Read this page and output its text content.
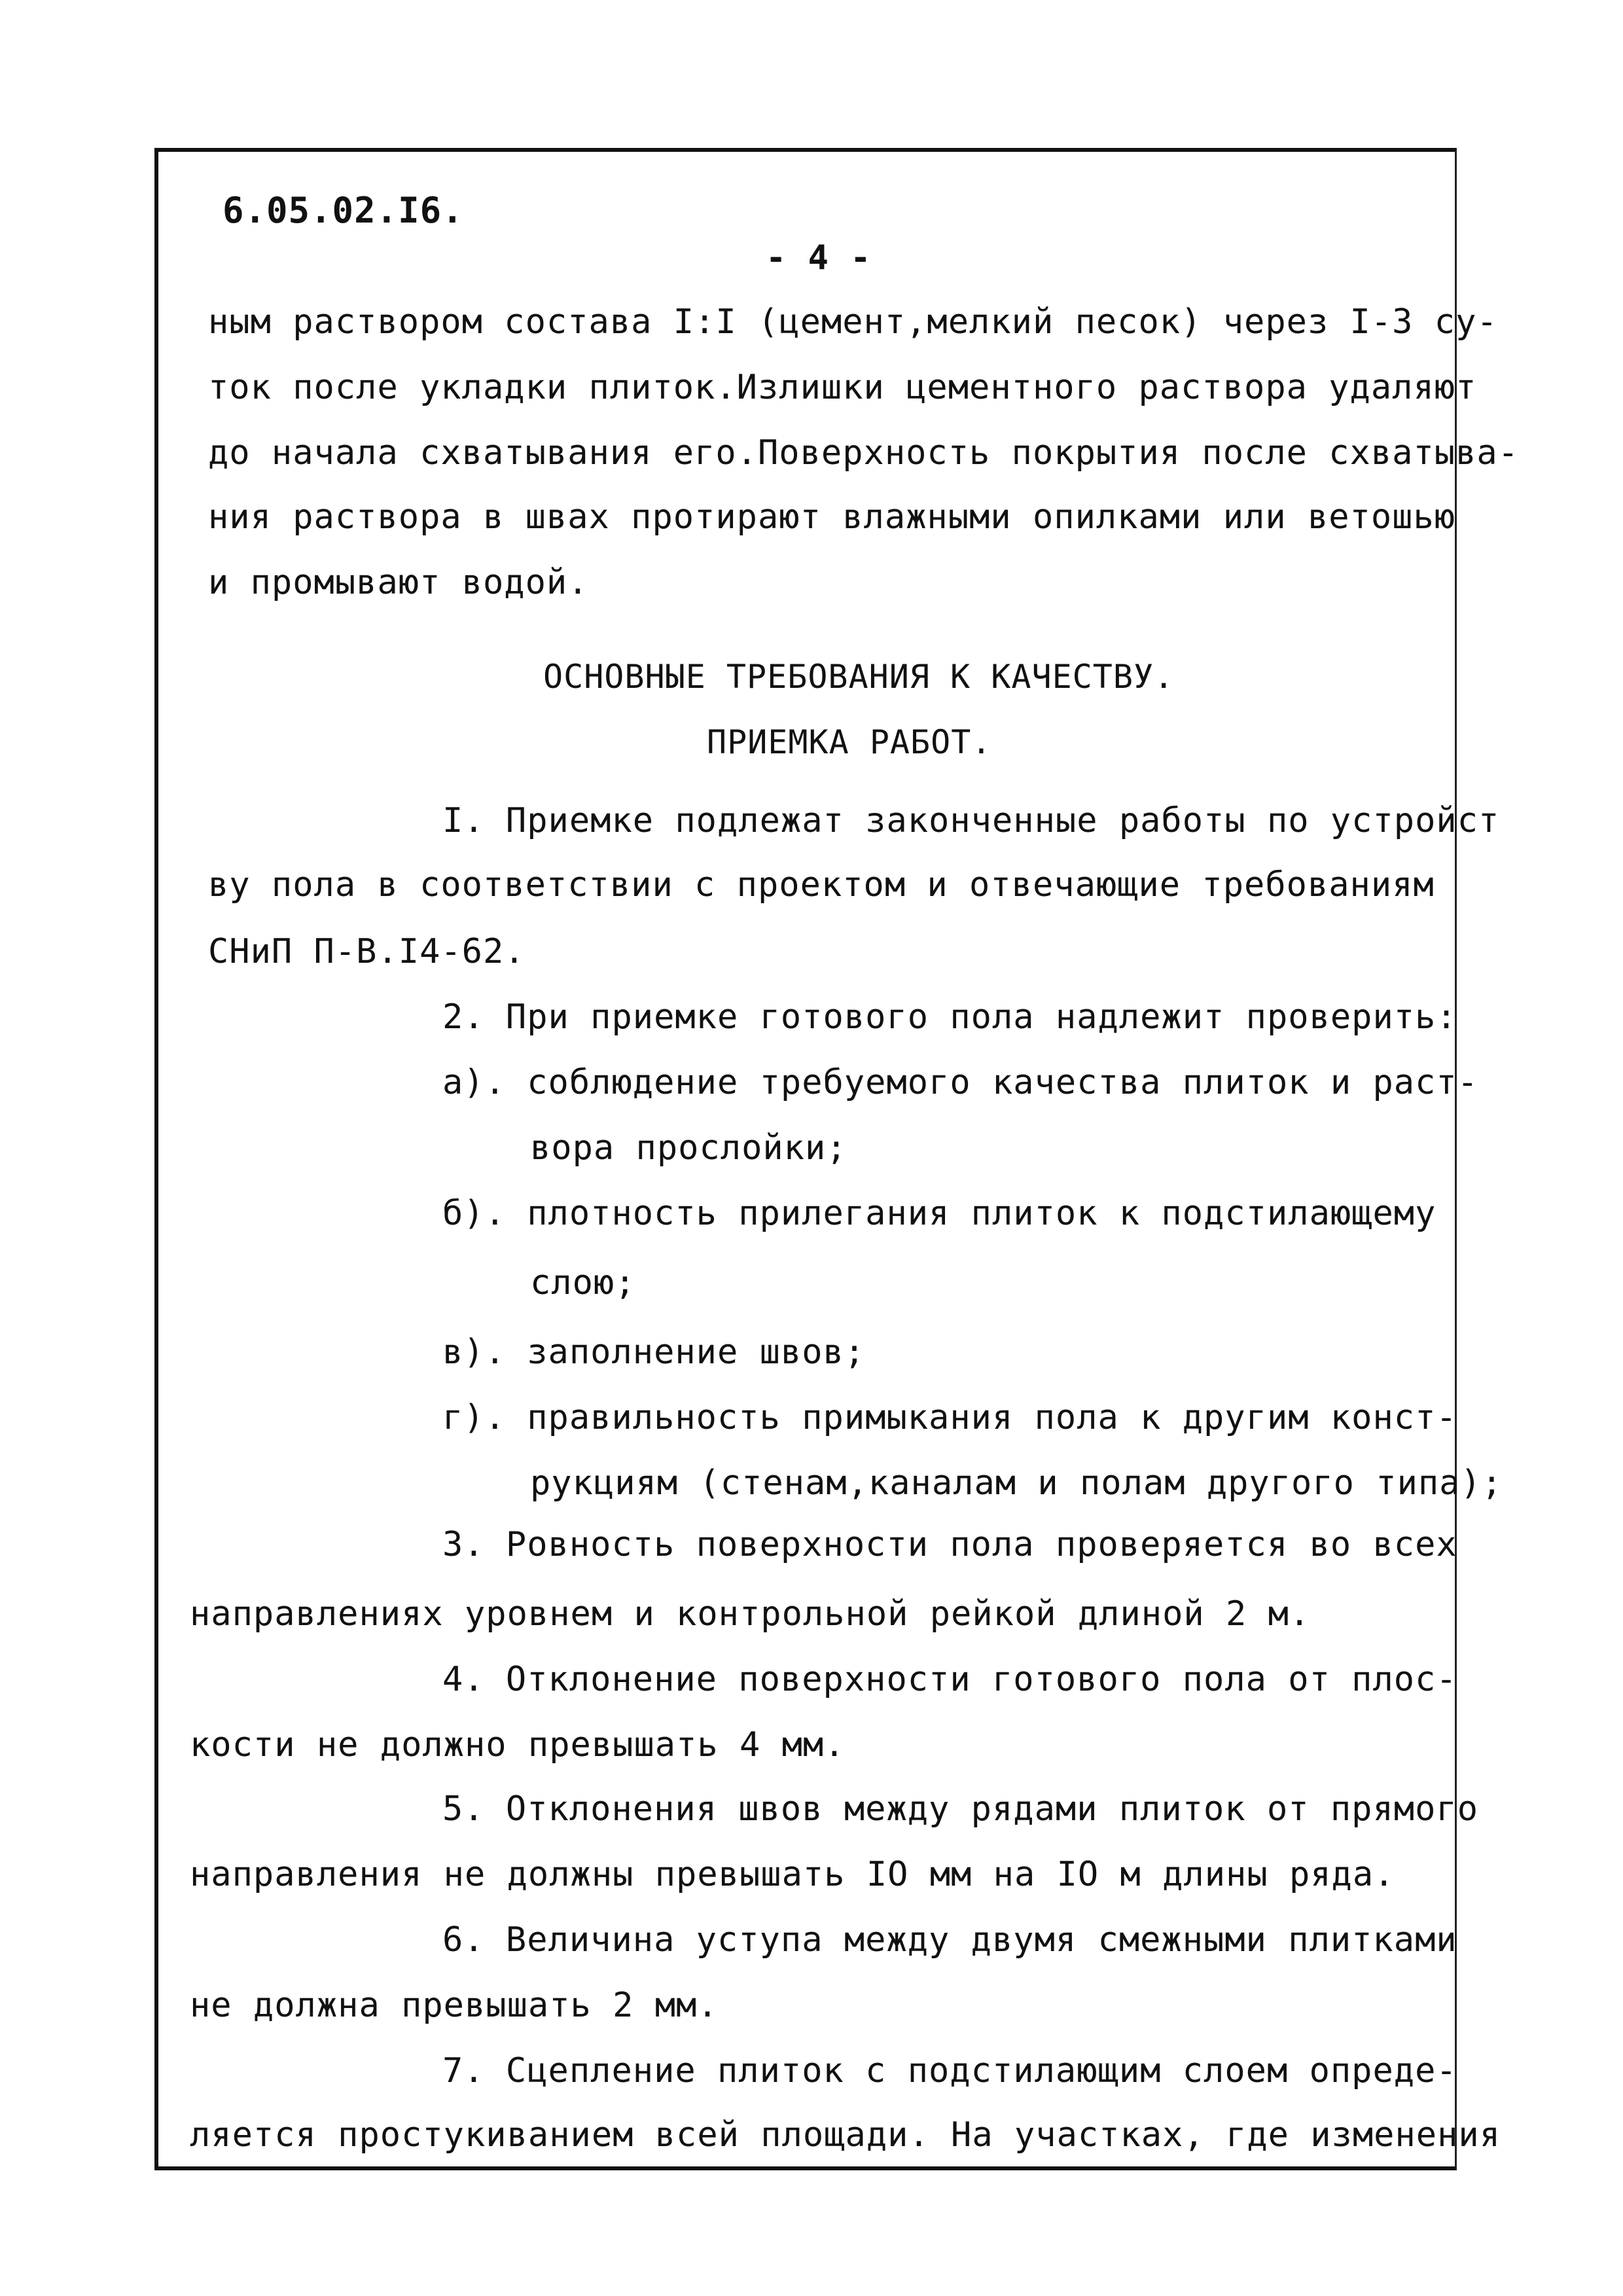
6.05.02.I6.
- 4 -
ным раствором состава I:I (цемент,мелкий песок) через I-3 су-
ток после укладки плиток.Излишки цементного раствора удаляют
до начала схватывания его.Поверхность покрытия после схватыва-
ния раствора в швах протирают влажными опилками или ветошью
и промывают водой.
ОСНОВНЫЕ ТРЕБОВАНИЯ К КАЧЕСТВУ.
ПРИЕМКА РАБОТ.
I. Приемке подлежат законченные работы по устройст
ву пола в соответствии с проектом и отвечающие требованиям
СНиП П-В.I4-62.
2. При приемке готового пола надлежит проверить:
а). соблюдение требуемого качества плиток и раст-
вора прослойки;
б). плотность прилегания плиток к подстилающему
слою;
в). заполнение швов;
г). правильность примыкания пола к другим конст-
рукциям (стенам,каналам и полам другого типа);
3. Ровность поверхности пола проверяется во всех
направлениях уровнем и контрольной рейкой длиной 2 м.
4. Отклонение поверхности готового пола от плос-
кости не должно превышать 4 мм.
5. Отклонения швов между рядами плиток от прямого
направления не должны превышать IO мм на IO м длины ряда.
6. Величина уступа между двумя смежными плитками
не должна превышать 2 мм.
7. Сцепление плиток с подстилающим слоем опреде-
ляется простукиванием всей площади. На участках, где изменения
